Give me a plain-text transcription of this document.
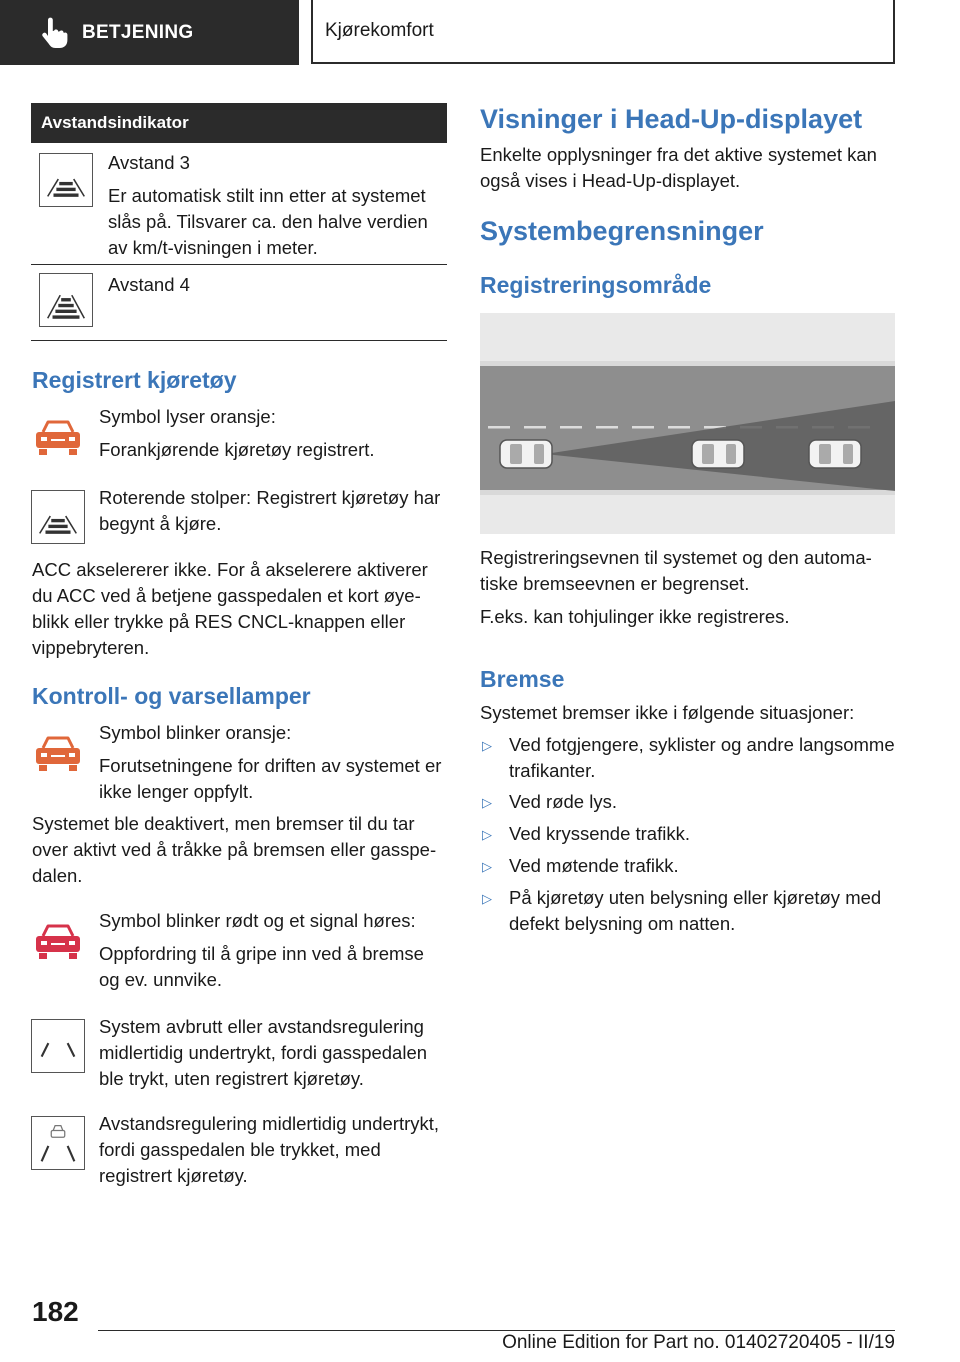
BETJENING	Kjørekomfort
Avstandsindikator

Avstand 3

Er automatisk stilt inn etter at systemet slås på. Tilsvarer ca. den halve verdien av km/t-visningen i meter.

Avstand 4

Registrert kjøretøy

Symbol lyser oransje:

Forankjørende kjøretøy registrert.

Roterende stolper: Registrert kjøretøy har begynt å kjøre.

ACC akselererer ikke. For å akselerere aktiverer du ACC ved å betjene gasspedalen et kort øyeblikk eller trykke på RES CNCL-knappen eller vippebryteren.

Kontroll- og varsellamper

Symbol blinker oransje:

Forutsetningene for driften av systemet er ikke lenger oppfylt.

Systemet ble deaktivert, men bremser til du tar over aktivt ved å tråkke på bremsen eller gasspedalen.

Symbol blinker rødt og et signal høres:

Oppfordring til å gripe inn ved å bremse og ev. unnvike.

System avbrutt eller avstandsregulering midlertidig undertrykt, fordi gasspedalen ble trykt, uten registrert kjøretøy.

Avstandsregulering midlertidig undertrykt, fordi gasspedalen ble trykket, med registrert kjøretøy.

Visninger i Head-Up-displayet

Enkelte opplysninger fra det aktive systemet kan også vises i Head-Up-displayet.

Systembegrensninger
Registreringsområde

Registreringsevnen til systemet og den automatiske bremseevnen er begrenset.

F.eks. kan tohjulinger ikke registreres.

Bremse

Systemet bremser ikke i følgende situasjoner:

▷ Ved fotgjengere, syklister og andre langsomme trafikanter.
▷ Ved røde lys.
▷ Ved kryssende trafikk.
▷ Ved møtende trafikk.
▷ På kjøretøy uten belysning eller kjøretøy med defekt belysning om natten.
182
Online Edition for Part no. 01402720405 - II/19
